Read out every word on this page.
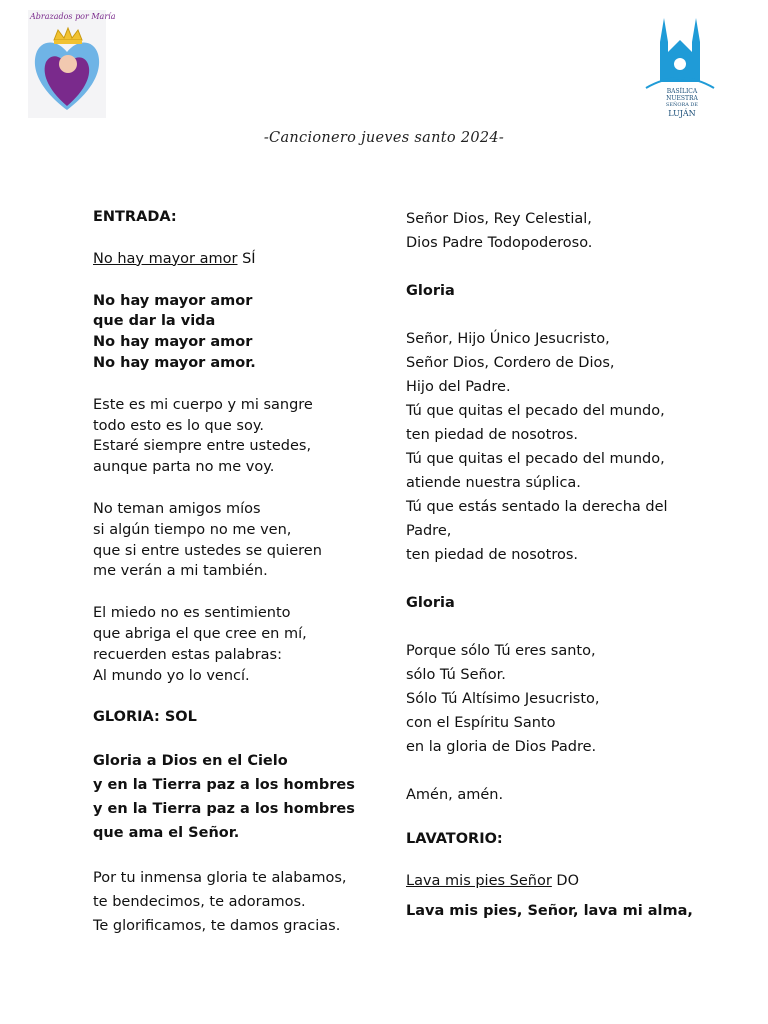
Abrazados por María
BASÍLICA
NUESTRA
SEÑORA DE
LUJÁN
-Cancionero jueves santo 2024-
ENTRADA:
No hay mayor amor SÍ
No hay mayor amor
que dar la vida
No hay mayor amor
No hay mayor amor.
Este es mi cuerpo y mi sangre
todo esto es lo que soy.
Estaré siempre entre ustedes,
aunque parta no me voy.
No teman amigos míos
si algún tiempo no me ven,
que si entre ustedes se quieren
me verán a mi también.
El miedo no es sentimiento
que abriga el que cree en mí,
recuerden estas palabras:
Al mundo yo lo vencí.
GLORIA: SOL
Gloria a Dios en el Cielo
y en la Tierra paz a los hombres
y en la Tierra paz a los hombres
que ama el Señor.
Por tu inmensa gloria te alabamos,
te bendecimos, te adoramos.
Te glorificamos, te damos gracias.
Señor Dios, Rey Celestial,
Dios Padre Todopoderoso.
Gloria
Señor, Hijo Único Jesucristo,
Señor Dios, Cordero de Dios,
Hijo del Padre.
Tú que quitas el pecado del mundo,
ten piedad de nosotros.
Tú que quitas el pecado del mundo,
atiende nuestra súplica.
Tú que estás sentado la derecha del
Padre,
ten piedad de nosotros.
Gloria
Porque sólo Tú eres santo,
sólo Tú Señor.
Sólo Tú Altísimo Jesucristo,
con el Espíritu Santo
en la gloria de Dios Padre.
Amén, amén.
LAVATORIO:
Lava mis pies Señor DO
Lava mis pies, Señor, lava mi alma,
